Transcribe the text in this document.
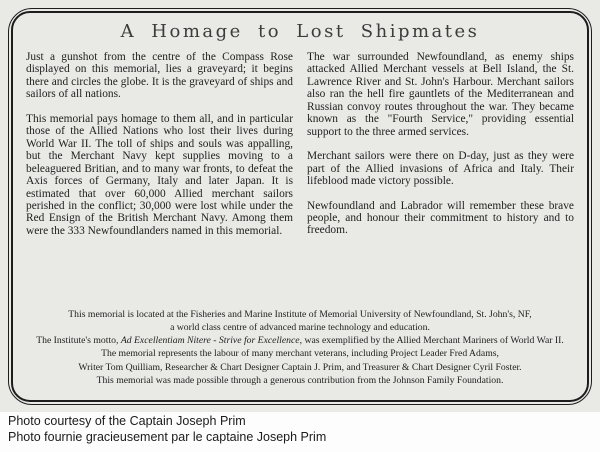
A Homage to Lost Shipmates

Just a gunshot from the centre of the Compass Rose displayed on this memorial, lies a graveyard; it begins there and circles the globe. It is the graveyard of ships and sailors of all nations.

This memorial pays homage to them all, and in particular those of the Allied Nations who lost their lives during World War II. The toll of ships and souls was appalling, but the Merchant Navy kept supplies moving to a beleaguered Britian, and to many war fronts, to defeat the Axis forces of Germany, Italy and later Japan. It is estimated that over 60,000 Allied merchant sailors perished in the conflict; 30,000 were lost while under the Red Ensign of the British Merchant Navy. Among them were the 333 Newfoundlanders named in this memorial.

The war surrounded Newfoundland, as enemy ships attacked Allied Merchant vessels at Bell Island, the St. Lawrence River and St. John's Harbour. Merchant sailors also ran the hell fire gauntlets of the Mediterranean and Russian convoy routes throughout the war. They became known as the "Fourth Service," providing essential support to the three armed services.

Merchant sailors were there on D-day, just as they were part of the Allied invasions of Africa and Italy. Their lifeblood made victory possible.

Newfoundland and Labrador will remember these brave people, and honour their commitment to history and to freedom.

This memorial is located at the Fisheries and Marine Institute of Memorial University of Newfoundland, St. John's, NF,
a world class centre of advanced marine technology and education.
The Institute's motto, Ad Excellentiam Nitere - Strive for Excellence, was exemplified by the Allied Merchant Mariners of World War II.
The memorial represents the labour of many merchant veterans, including Project Leader Fred Adams,
Writer Tom Quilliam, Researcher & Chart Designer Captain J. Prim, and Treasurer & Chart Designer Cyril Foster.
This memorial was made possible through a generous contribution from the Johnson Family Foundation.
Photo courtesy of the Captain Joseph Prim
Photo fournie gracieusement par le captaine Joseph Prim
